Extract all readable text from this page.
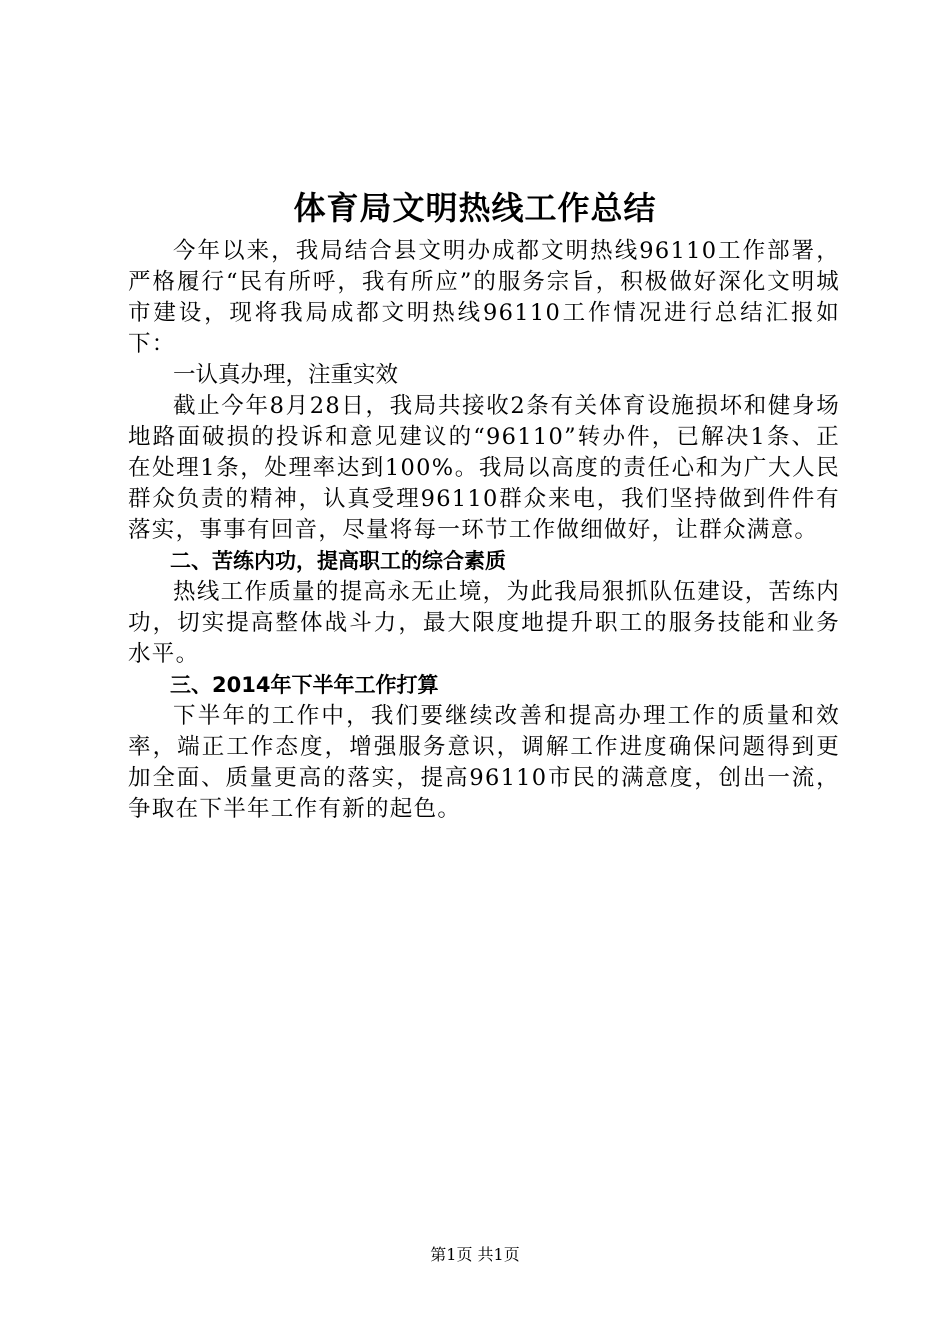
体育局文明热线工作总结

今年以来，我局结合县文明办成都文明热线96110工作部署，严格履行“民有所呼，我有所应”的服务宗旨，积极做好深化文明城市建设，现将我局成都文明热线96110工作情况进行总结汇报如下：

一认真办理，注重实效

截止今年8月28日，我局共接收2条有关体育设施损坏和健身场地路面破损的投诉和意见建议的“96110”转办件，已解决1条、正在处理1条，处理率达到100%。我局以高度的责任心和为广大人民群众负责的精神，认真受理96110群众来电，我们坚持做到件件有落实，事事有回音，尽量将每一环节工作做细做好，让群众满意。

二、苦练内功，提高职工的综合素质

热线工作质量的提高永无止境，为此我局狠抓队伍建设，苦练内功，切实提高整体战斗力，最大限度地提升职工的服务技能和业务水平。

三、2014年下半年工作打算

下半年的工作中，我们要继续改善和提高办理工作的质量和效率，端正工作态度，增强服务意识，调解工作进度确保问题得到更加全面、质量更高的落实，提高96110市民的满意度，创出一流，争取在下半年工作有新的起色。

第1页 共1页
